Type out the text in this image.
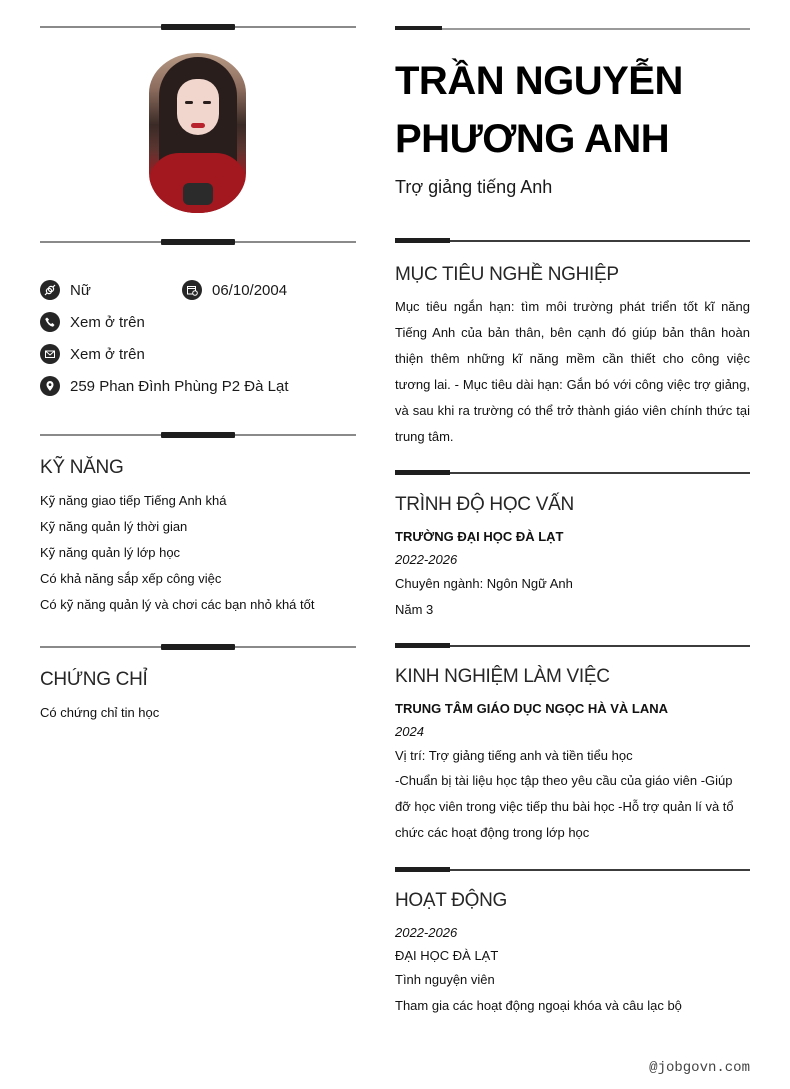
Nữ	06/10/2004
Xem ở trên
Xem ở trên
259 Phan Đình Phùng P2 Đà Lạt
KỸ NĂNG
Kỹ năng giao tiếp Tiếng Anh khá
Kỹ năng quản lý thời gian
Kỹ năng quản lý lớp học
Có khả năng sắp xếp công việc
Có kỹ năng quản lý và chơi các bạn nhỏ khá tốt
CHỨNG CHỈ
Có chứng chỉ tin học
TRẦN NGUYỄN
PHƯƠNG ANH
Trợ giảng tiếng Anh
MỤC TIÊU NGHỀ NGHIỆP
Mục tiêu ngắn hạn: tìm môi trường phát triển tốt kĩ năng Tiếng Anh của bản thân, bên cạnh đó giúp bản thân hoàn thiện thêm những kĩ năng mềm cần thiết cho công việc tương lai. - Mục tiêu dài hạn: Gắn bó với công việc trợ giảng, và sau khi ra trường có thể trở thành giáo viên chính thức tại trung tâm.
TRÌNH ĐỘ HỌC VẤN
TRƯỜNG ĐẠI HỌC ĐÀ LẠT
2022-2026
Chuyên ngành: Ngôn Ngữ Anh
Năm 3
KINH NGHIỆM LÀM VIỆC
TRUNG TÂM GIÁO DỤC NGỌC HÀ VÀ LANA
2024
Vị trí: Trợ giảng tiếng anh và tiền tiểu học
-Chuẩn bị tài liệu học tập theo yêu cầu của giáo viên -Giúp đỡ học viên trong việc tiếp thu bài học -Hỗ trợ quản lí và tổ chức các hoạt động trong lớp học
HOẠT ĐỘNG
2022-2026
ĐẠI HỌC ĐÀ LẠT
Tình nguyện viên
Tham gia các hoạt động ngoại khóa và câu lạc bộ
@jobgovn.com
